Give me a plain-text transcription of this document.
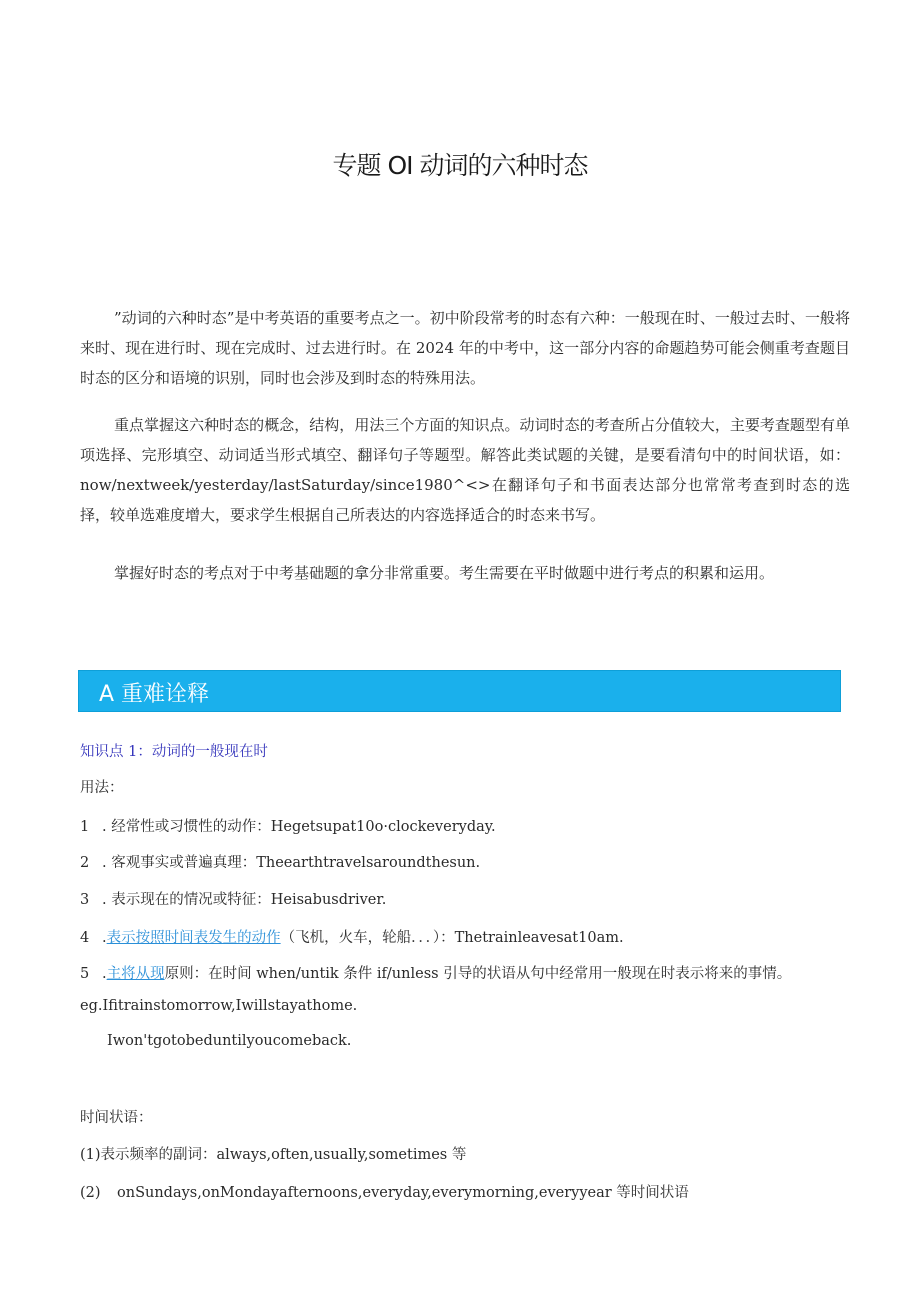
专题 OI 动词的六种时态
”动词的六种时态”是中考英语的重要考点之一。初中阶段常考的时态有六种：一般现在时、一般过去时、一般将来时、现在进行时、现在完成时、过去进行时。在 2024 年的中考中，这一部分内容的命题趋势可能会侧重考查题目时态的区分和语境的识别，同时也会涉及到时态的特殊用法。
重点掌握这六种时态的概念，结构，用法三个方面的知识点。动词时态的考查所占分值较大，主要考查题型有单项选择、完形填空、动词适当形式填空、翻译句子等题型。解答此类试题的关键，是要看清句中的时间状语，如：now/nextweek/yesterday/lastSaturday/since1980^<>在翻译句子和书面表达部分也常常考查到时态的选择，较单选难度增大，要求学生根据自己所表达的内容选择适合的时态来书写。
掌握好时态的考点对于中考基础题的拿分非常重要。考生需要在平时做题中进行考点的积累和运用。
A 重难诠释
知识点 1：动词的一般现在时
用法：
1 . 经常性或习惯性的动作：Hegetsupat10o·clockeveryday.
2 . 客观事实或普遍真理：Theearthtravelsaroundthesun.
3 . 表示现在的情况或特征：Heisabusdriver.
4 .表示按照时间表发生的动作（飞机，火车，轮船．．．）：Thetrainleavesat10am.
5 .主将从现原则：在时间 when/untik 条件 if/unless 引导的状语从句中经常用一般现在时表示将来的事情。
eg.Ifitrainstomorrow,Iwillstayathome.
Iwon'tgotobeduntilyoucomeback.
时间状语：
(1)表示频率的副词：always,often,usually,sometimes 等
(2) onSundays,onMondayafternoons,everyday,everymorning,everyyear 等时间状语
